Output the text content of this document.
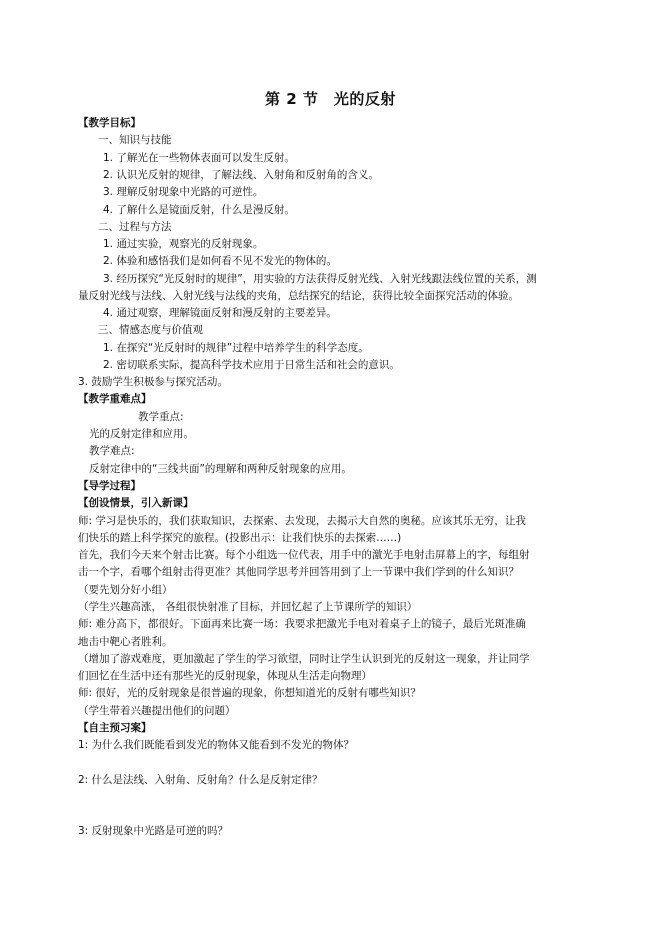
第 2 节　光的反射
【教学目标】
一、知识与技能
1. 了解光在一些物体表面可以发生反射。
2. 认识光反射的规律，了解法线、入射角和反射角的含义。
3. 理解反射现象中光路的可逆性。
4. 了解什么是镜面反射，什么是漫反射。
二、过程与方法
1. 通过实验，观察光的反射现象。
2. 体验和感悟我们是如何看不见不发光的物体的。
3. 经历探究“光反射时的规律”，用实验的方法获得反射光线、入射光线跟法线位置的关系，测
量反射光线与法线、入射光线与法线的夹角，总结探究的结论，获得比较全面探究活动的体验。
4. 通过观察，理解镜面反射和漫反射的主要差异。
三、情感态度与价值观
1. 在探究“光反射时的规律”过程中培养学生的科学态度。
2. 密切联系实际，提高科学技术应用于日常生活和社会的意识。
3. 鼓励学生积极参与探究活动。
【教学重难点】
教学重点:
光的反射定律和应用。
教学难点:
反射定律中的“三线共面”的理解和两种反射现象的应用。
【导学过程】
【创设情景，引入新课】
师: 学习是快乐的，我们获取知识，去探索、去发现，去揭示大自然的奥秘。应该其乐无穷，让我
们快乐的踏上科学探究的旅程。(投影出示：让我们快乐的去探索……)
首先，我们今天来个射击比赛。每个小组选一位代表，用手中的激光手电射击屏幕上的字，每组射
击一个字，看哪个组射击得更准？其他同学思考并回答用到了上一节课中我们学到的什么知识？
（要先划分好小组）
（学生兴趣高涨， 各组很快射准了目标，并回忆起了上节课所学的知识）
师: 难分高下，都很好。下面再来比赛一场：我要求把激光手电对着桌子上的镜子，最后光斑准确
地击中靶心者胜利。
（增加了游戏难度，更加激起了学生的学习欲望，同时让学生认识到光的反射这一现象，并让同学
们回忆在生活中还有那些光的反射现象，体现从生活走向物理）
师: 很好，光的反射现象是很普遍的现象，你想知道光的反射有哪些知识？
（学生带着兴趣提出他们的问题）
【自主预习案】
1: 为什么我们既能看到发光的物体又能看到不发光的物体？
2: 什么是法线、入射角、反射角？什么是反射定律？
3: 反射现象中光路是可逆的吗？
